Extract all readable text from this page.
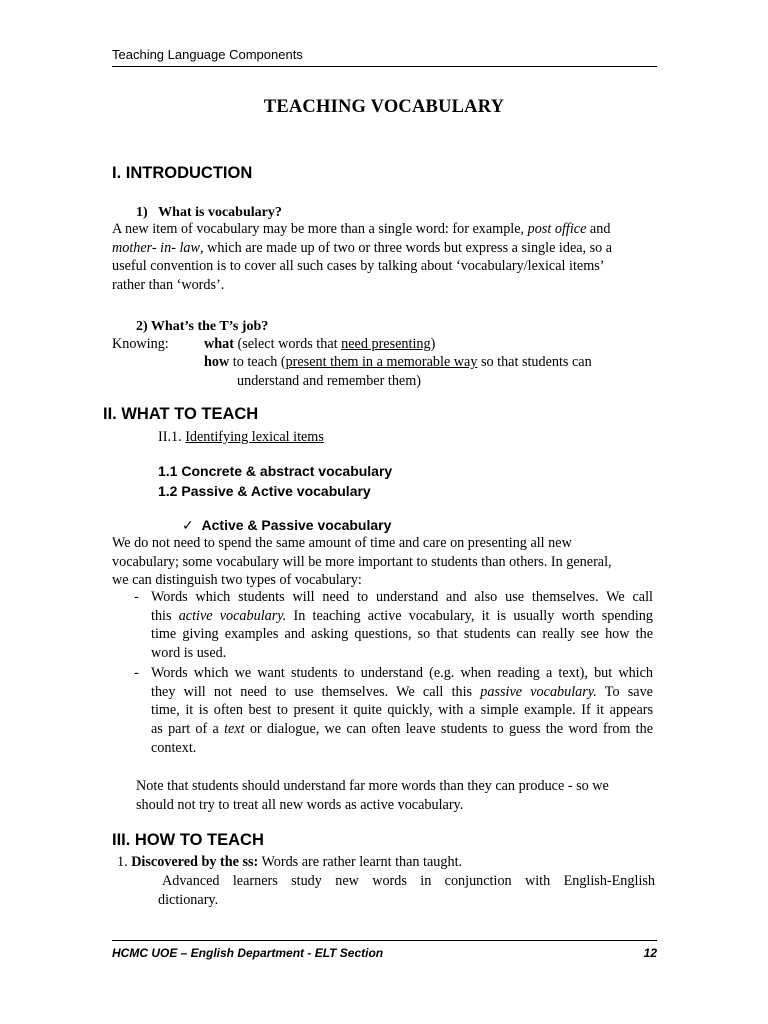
Teaching Language Components
TEACHING VOCABULARY
I. INTRODUCTION
1) What is vocabulary?
A new item of vocabulary may be more than a single word: for example, post office and
mother- in- law, which are made up of two or three words but express a single idea, so a
useful convention is to cover all such cases by talking about ‘vocabulary/lexical items’
rather than ‘words’.
2) What’s the T’s job?
Knowing: what (select words that need presenting)
how to teach (present them in a memorable way so that students can
understand and remember them)
II. WHAT TO TEACH
II.1. Identifying lexical items
1.1 Concrete & abstract vocabulary
1.2 Passive & Active vocabulary
✓ Active & Passive vocabulary
We do not need to spend the same amount of time and care on presenting all new
vocabulary; some vocabulary will be more important to students than others. In general,
we can distinguish two types of vocabulary:
- Words which students will need to understand and also use themselves. We call
this active vocabulary. In teaching active vocabulary, it is usually worth spending
time giving examples and asking questions, so that students can really see how the
word is used.
- Words which we want students to understand (e.g. when reading a text), but which
they will not need to use themselves. We call this passive vocabulary. To save
time, it is often best to present it quite quickly, with a simple example. If it appears
as part of a text or dialogue, we can often leave students to guess the word from the
context.
Note that students should understand far more words than they can produce - so we
should not try to treat all new words as active vocabulary.
III. HOW TO TEACH
1. Discovered by the ss: Words are rather learnt than taught.
Advanced learners study new words in conjunction with English-English
dictionary.
HCMC UOE – English Department - ELT Section	12
